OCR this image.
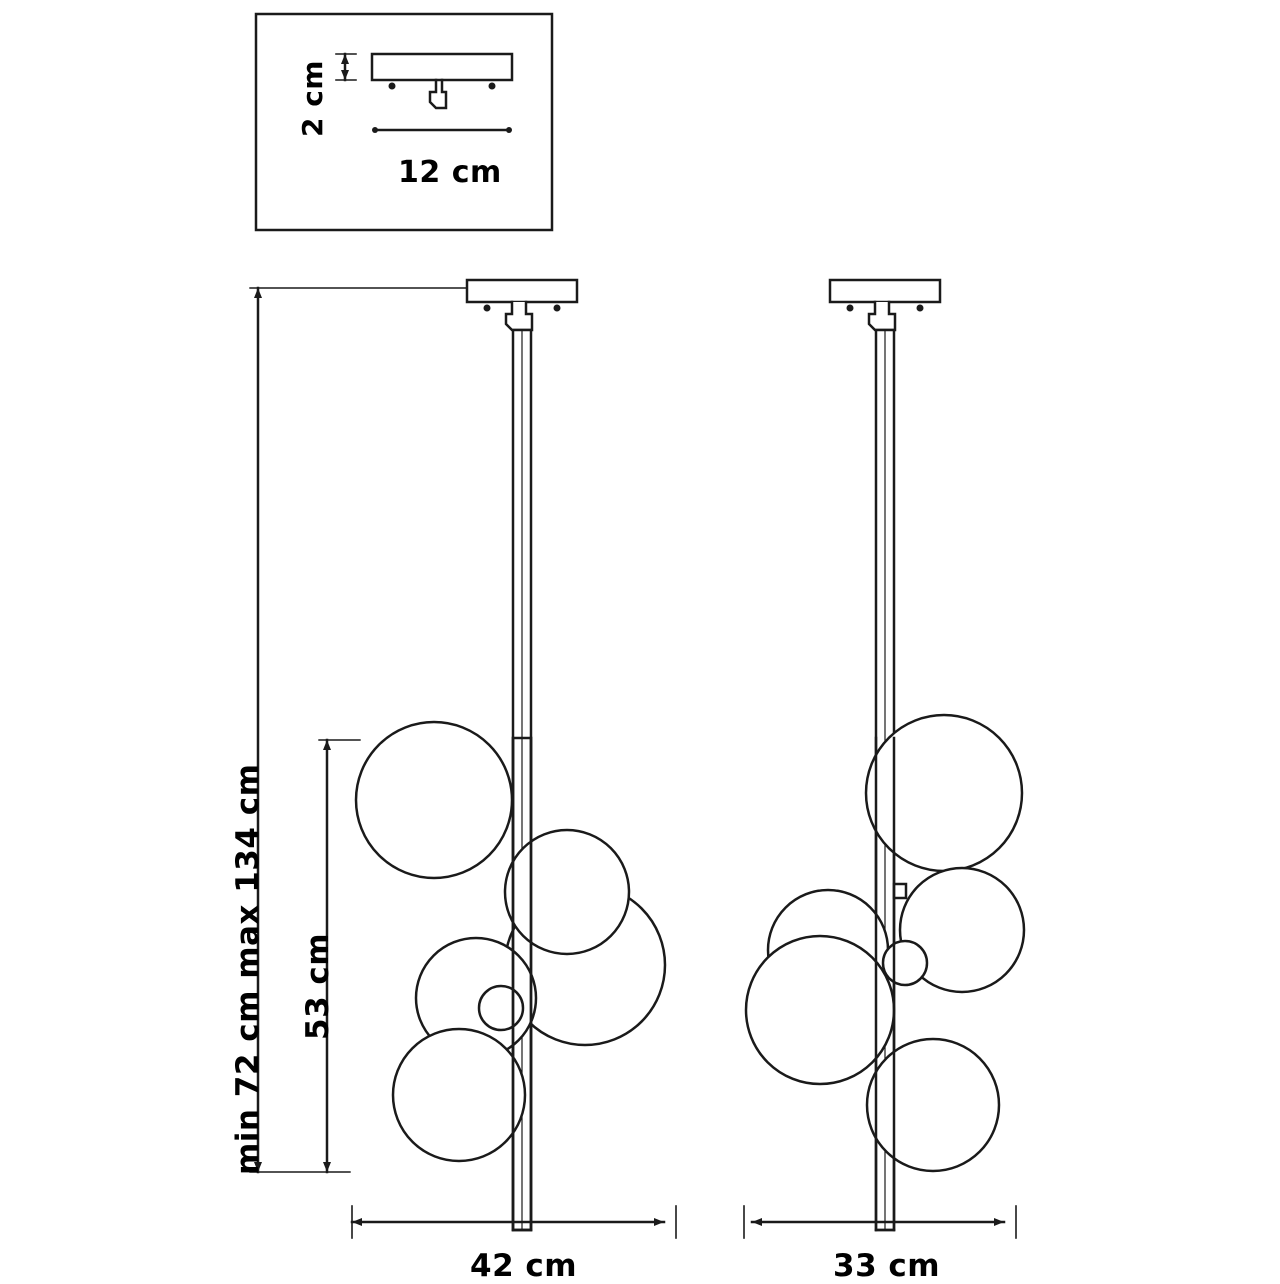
2 cm
12 cm
min 72 cm max 134 cm 53 cm
42 cm	33 cm
